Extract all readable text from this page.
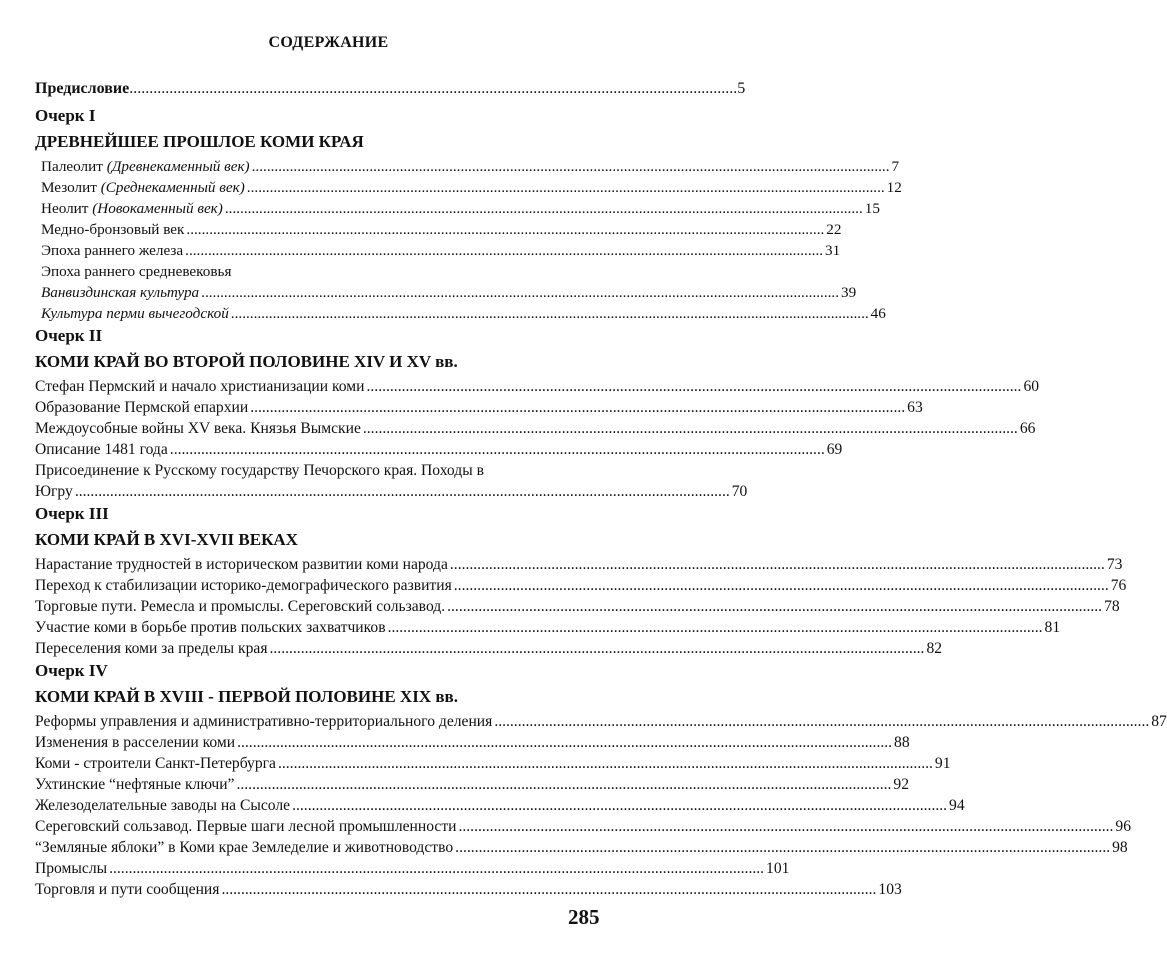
СОДЕРЖАНИЕ
Предисловие ........................................................................................................................................................ 5
Очерк I
ДРЕВНЕЙШЕЕ ПРОШЛОЕ КОМИ КРАЯ
Палеолит (Древнекаменный век) .....	7
Мезолит (Среднекаменный век) .....	12
Неолит (Новокаменный век) .....	15
Медно-бронзовый век .....	22
Эпоха раннего железа .....	31
Эпоха раннего средневековья
Ванвиздинская культура .....	39
Культура перми вычегодской .....	46
Очерк II
КОМИ КРАЙ ВО ВТОРОЙ ПОЛОВИНЕ XIV И XV вв.
Стефан Пермский и начало христианизации коми .....	60
Образование Пермской епархии .....	63
Междоусобные войны XV века. Князья Вымские .....	66
Описание 1481 года .....	69
Присоединение к Русскому государству Печорского края. Походы в
Югру .....	70
Очерк III
КОМИ КРАЙ В XVI-XVII ВЕКАХ
Нарастание трудностей в историческом развитии коми народа .....	73
Переход к стабилизации историко-демографического развития .....	76
Торговые пути. Ремесла и промыслы. Сереговский сользавод. .....	78
Участие коми в борьбе против польских захватчиков .....	81
Переселения коми за пределы края .....	82
Очерк IV
КОМИ КРАЙ В XVIII - ПЕРВОЙ ПОЛОВИНЕ XIX вв.
Реформы управления и административно-территориального деления .....	87
Изменения в расселении коми .....	88
Коми - строители Санкт-Петербурга .....	91
Ухтинские “нефтяные ключи” .....	92
Железоделательные заводы на Сысоле .....	94
Сереговский сользавод. Первые шаги лесной промышленности .....	96
“Земляные яблоки” в Коми крае Земледелие и животноводство .....	98
Промыслы .....	101
Торговля и пути сообщения .....	103
285
